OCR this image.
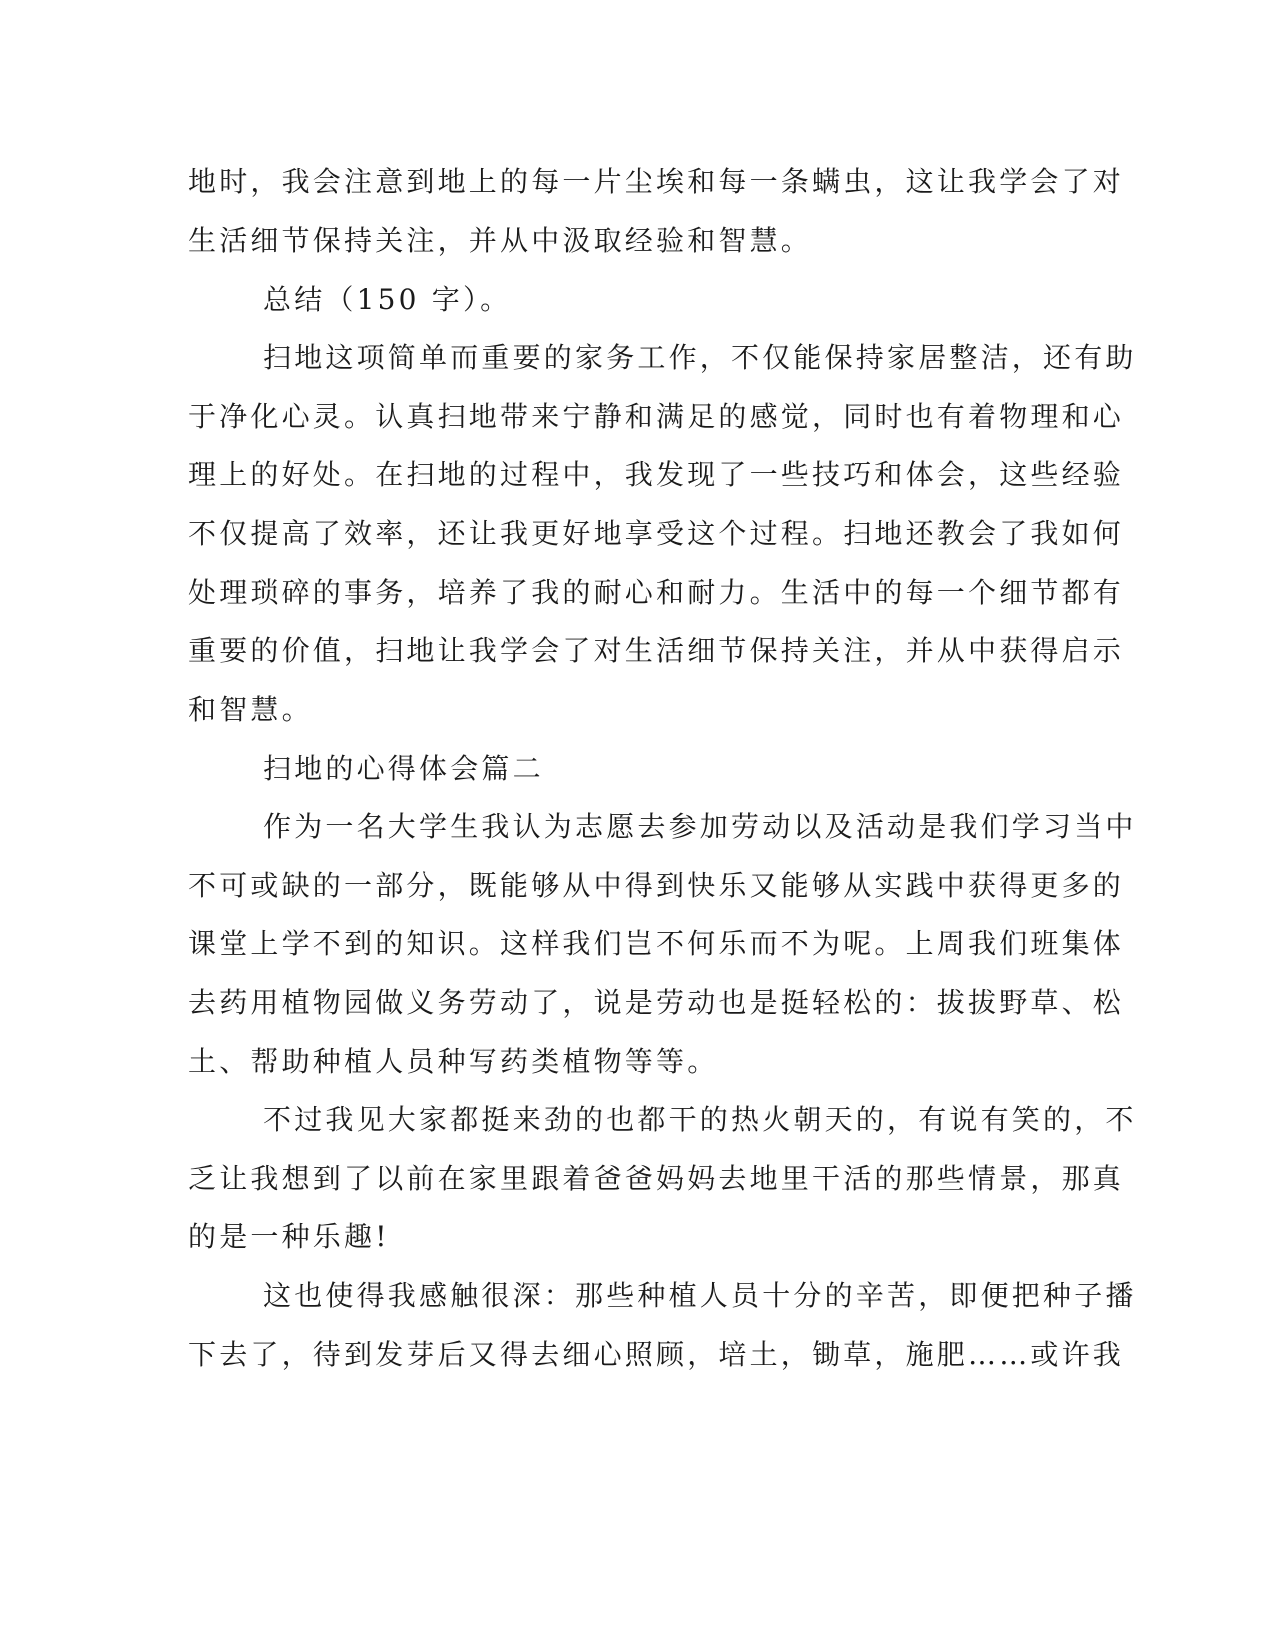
地时，我会注意到地上的每一片尘埃和每一条螨虫，这让我学会了对
生活细节保持关注，并从中汲取经验和智慧。
总结（150 字）。
扫地这项简单而重要的家务工作，不仅能保持家居整洁，还有助
于净化心灵。认真扫地带来宁静和满足的感觉，同时也有着物理和心
理上的好处。在扫地的过程中，我发现了一些技巧和体会，这些经验
不仅提高了效率，还让我更好地享受这个过程。扫地还教会了我如何
处理琐碎的事务，培养了我的耐心和耐力。生活中的每一个细节都有
重要的价值，扫地让我学会了对生活细节保持关注，并从中获得启示
和智慧。
扫地的心得体会篇二
作为一名大学生我认为志愿去参加劳动以及活动是我们学习当中
不可或缺的一部分，既能够从中得到快乐又能够从实践中获得更多的
课堂上学不到的知识。这样我们岂不何乐而不为呢。上周我们班集体
去药用植物园做义务劳动了，说是劳动也是挺轻松的：拔拔野草、松
土、帮助种植人员种写药类植物等等。
不过我见大家都挺来劲的也都干的热火朝天的，有说有笑的，不
乏让我想到了以前在家里跟着爸爸妈妈去地里干活的那些情景，那真
的是一种乐趣!
这也使得我感触很深：那些种植人员十分的辛苦，即便把种子播
下去了，待到发芽后又得去细心照顾，培土，锄草，施肥……或许我
